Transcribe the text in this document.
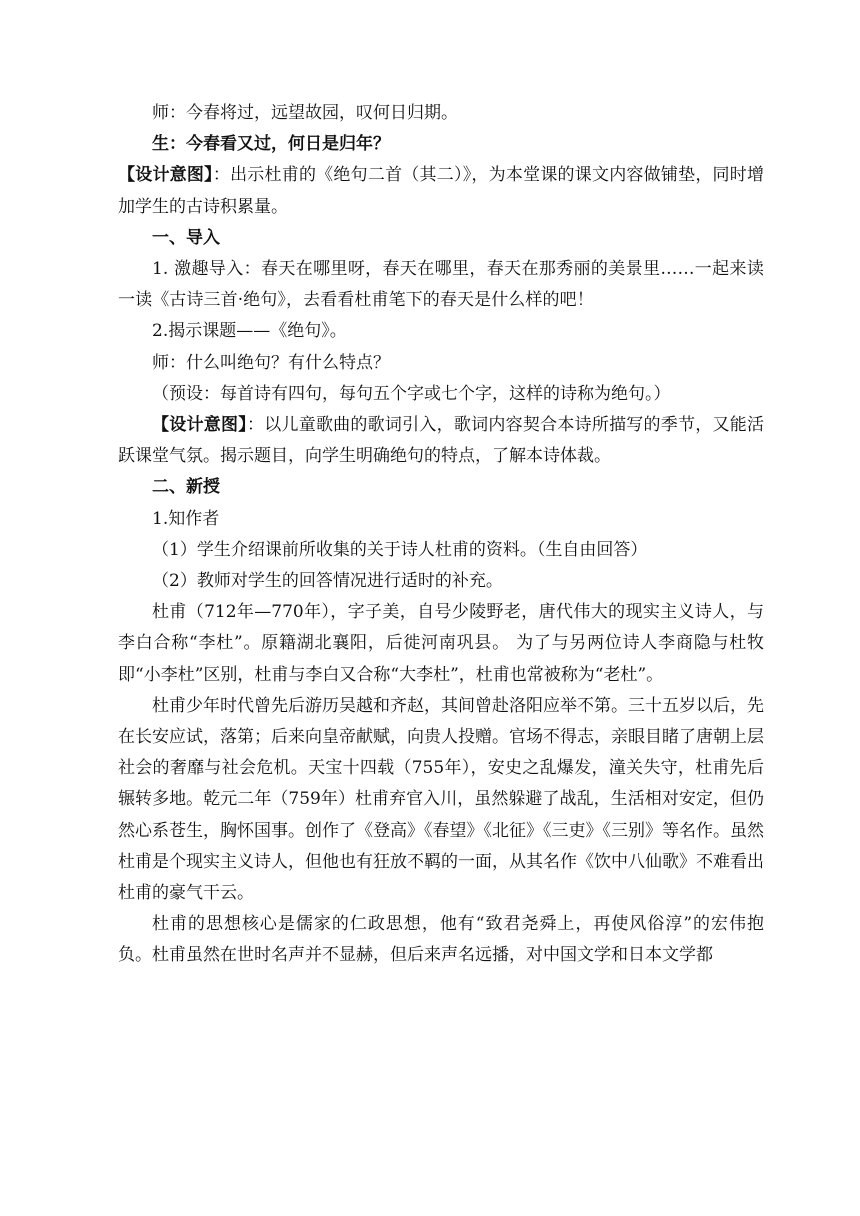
师：今春将过，远望故园，叹何日归期。

生：今春看又过，何日是归年？

【设计意图】：出示杜甫的《绝句二首（其二）》，为本堂课的课文内容做铺垫，同时增加学生的古诗积累量。

一、导入

1. 激趣导入：春天在哪里呀，春天在哪里，春天在那秀丽的美景里……一起来读一读《古诗三首·绝句》，去看看杜甫笔下的春天是什么样的吧！

2.揭示课题——《绝句》。

师：什么叫绝句？有什么特点？

（预设：每首诗有四句，每句五个字或七个字，这样的诗称为绝句。）

【设计意图】：以儿童歌曲的歌词引入，歌词内容契合本诗所描写的季节，又能活跃课堂气氛。揭示题目，向学生明确绝句的特点，了解本诗体裁。

二、新授

1.知作者

（1）学生介绍课前所收集的关于诗人杜甫的资料。（生自由回答）

（2）教师对学生的回答情况进行适时的补充。

杜甫（712年—770年），字子美，自号少陵野老，唐代伟大的现实主义诗人，与李白合称“李杜”。原籍湖北襄阳，后徙河南巩县。 为了与另两位诗人李商隐与杜牧即“小李杜”区别，杜甫与李白又合称“大李杜”，杜甫也常被称为“老杜”。

杜甫少年时代曾先后游历吴越和齐赵，其间曾赴洛阳应举不第。三十五岁以后，先在长安应试，落第；后来向皇帝献赋，向贵人投赠。官场不得志，亲眼目睹了唐朝上层社会的奢靡与社会危机。天宝十四载（755年），安史之乱爆发，潼关失守，杜甫先后辗转多地。乾元二年（759年）杜甫弃官入川，虽然躲避了战乱，生活相对安定，但仍然心系苍生，胸怀国事。创作了《登高》《春望》《北征》《三吏》《三别》等名作。虽然杜甫是个现实主义诗人，但他也有狂放不羁的一面，从其名作《饮中八仙歌》不难看出杜甫的豪气干云。

杜甫的思想核心是儒家的仁政思想，他有“致君尧舜上，再使风俗淳”的宏伟抱负。杜甫虽然在世时名声并不显赫，但后来声名远播，对中国文学和日本文学都
